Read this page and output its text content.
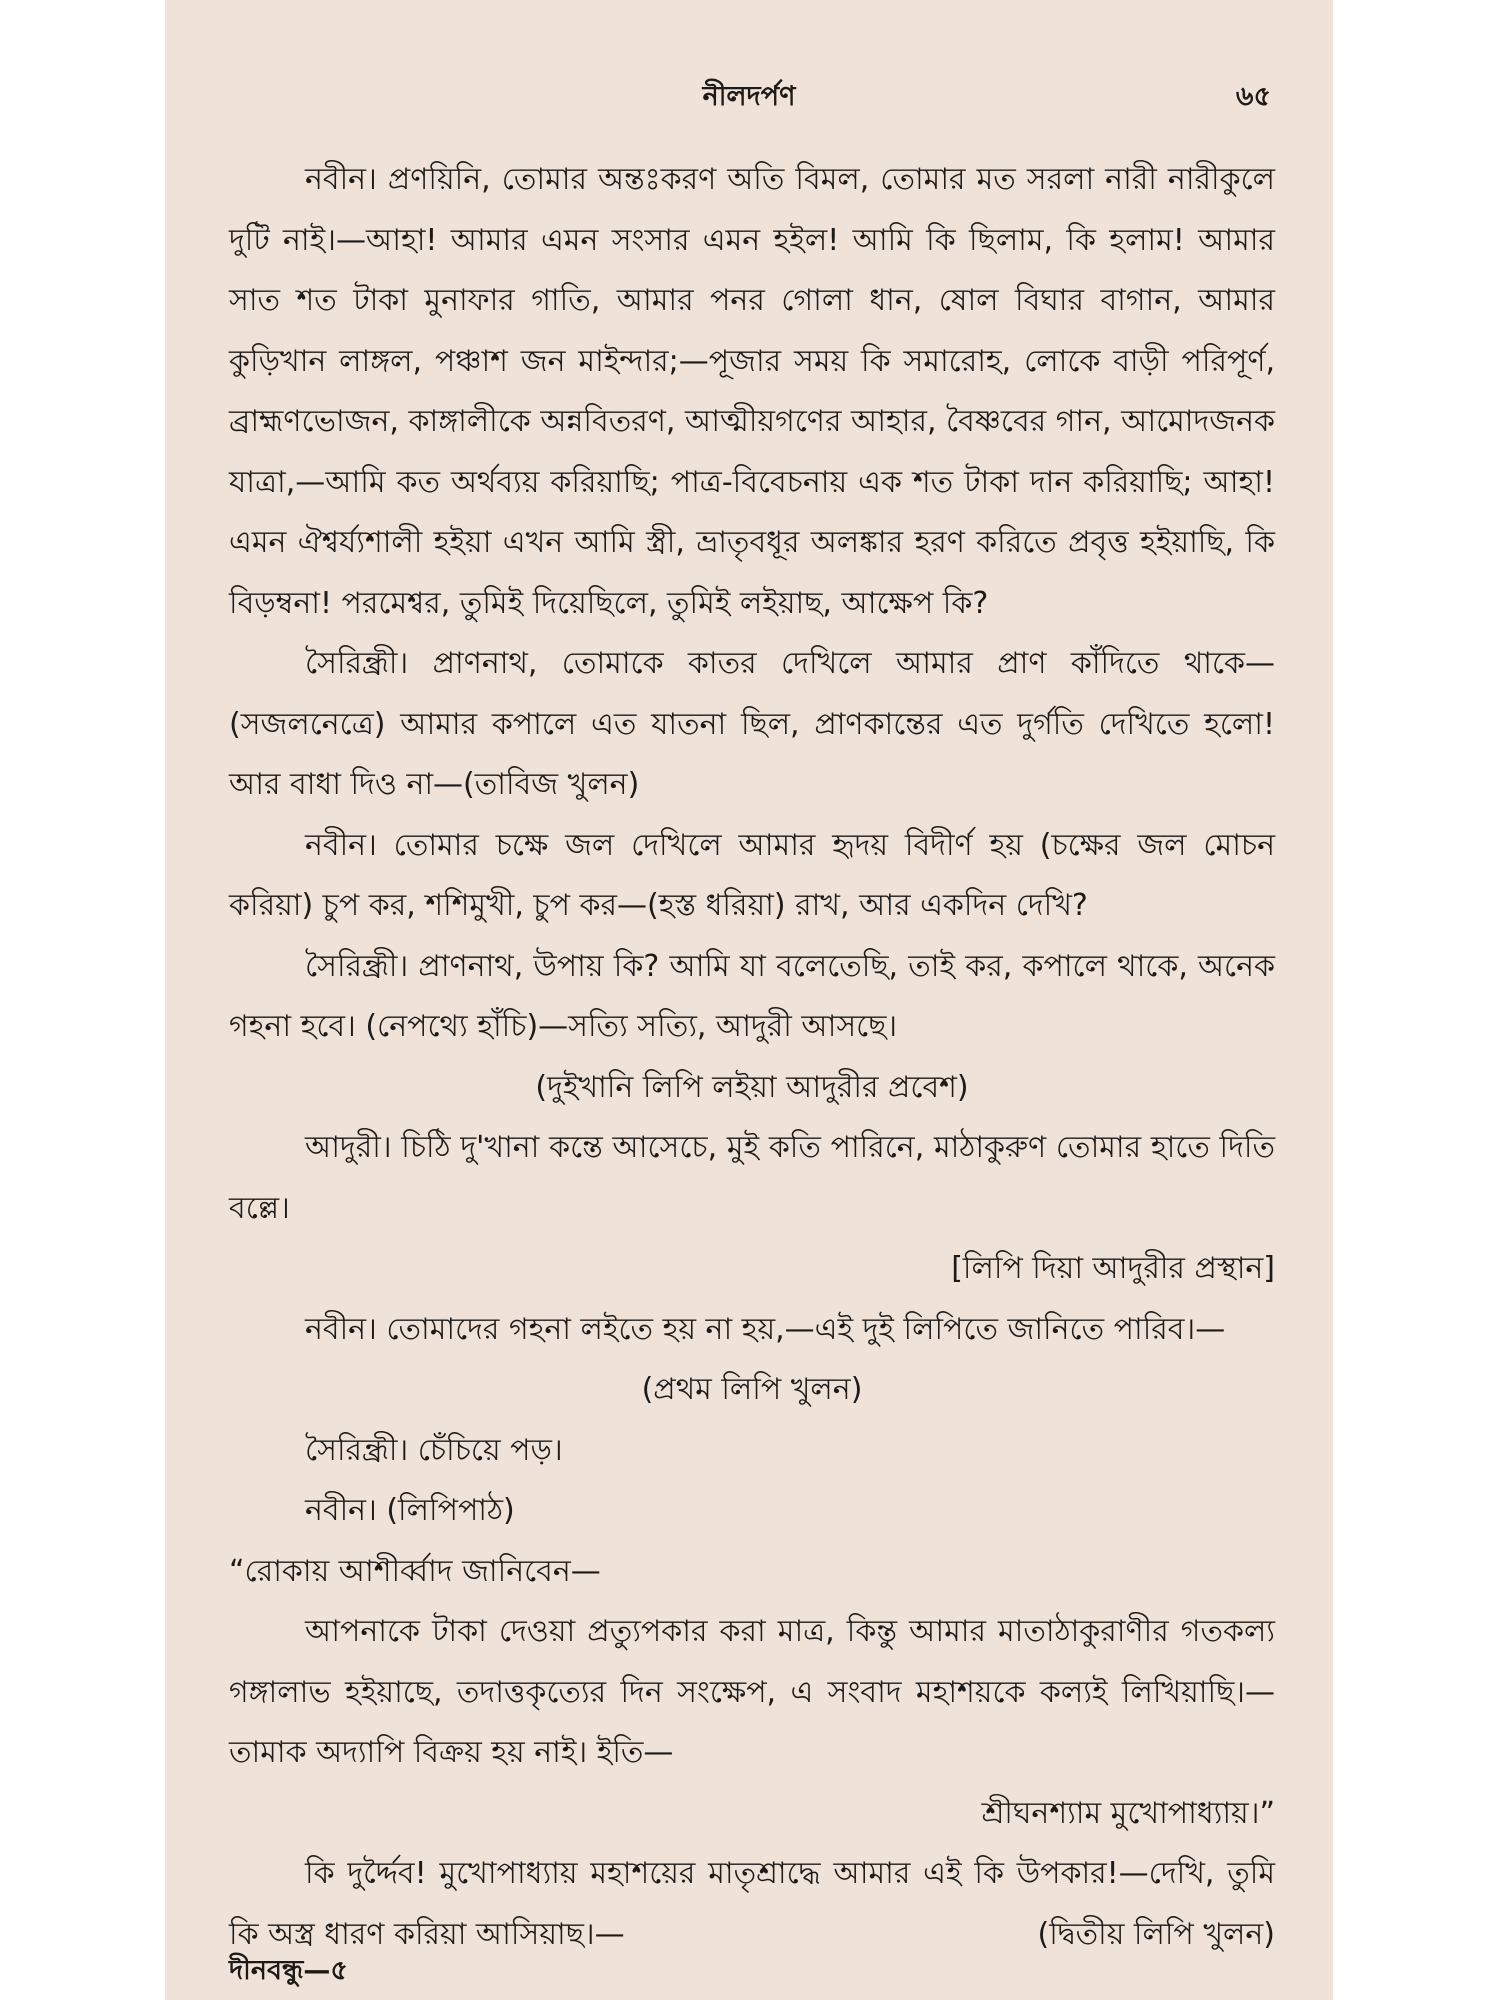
নীলদর্পণ	৬৫

নবীন। প্রণয়িনি, তোমার অন্তঃকরণ অতি বিমল, তোমার মত সরলা নারী নারীকুলে দুটি নাই।—আহা! আমার এমন সংসার এমন হইল! আমি কি ছিলাম, কি হলাম! আমার সাত শত টাকা মুনাফার গাতি, আমার পনর গোলা ধান, ষোল বিঘার বাগান, আমার কুড়িখান লাঙ্গল, পঞ্চাশ জন মাইন্দার;—পূজার সময় কি সমারোহ, লোকে বাড়ী পরিপূর্ণ, ব্রাহ্মণভোজন, কাঙ্গালীকে অন্নবিতরণ, আত্মীয়গণের আহার, বৈষ্ণবের গান, আমোদজনক যাত্রা,—আমি কত অর্থব্যয় করিয়াছি; পাত্র-বিবেচনায় এক শত টাকা দান করিয়াছি; আহা! এমন ঐশ্বর্য্যশালী হইয়া এখন আমি স্ত্রী, ভ্রাতৃবধূর অলঙ্কার হরণ করিতে প্রবৃত্ত হইয়াছি, কি বিড়ম্বনা! পরমেশ্বর, তুমিই দিয়েছিলে, তুমিই লইয়াছ, আক্ষেপ কি?

সৈরিন্ধ্রী। প্রাণনাথ, তোমাকে কাতর দেখিলে আমার প্রাণ কাঁদিতে থাকে—(সজলনেত্রে) আমার কপালে এত যাতনা ছিল, প্রাণকান্তের এত দুর্গতি দেখিতে হলো! আর বাধা দিও না—(তাবিজ খুলন)

নবীন। তোমার চক্ষে জল দেখিলে আমার হৃদয় বিদীর্ণ হয় (চক্ষের জল মোচন করিয়া) চুপ কর, শশিমুখী, চুপ কর—(হস্ত ধরিয়া) রাখ, আর একদিন দেখি?

সৈরিন্ধ্রী। প্রাণনাথ, উপায় কি? আমি যা বলেতেছি, তাই কর, কপালে থাকে, অনেক গহনা হবে। (নেপথ্যে হাঁচি)—সত্যি সত্যি, আদুরী আসছে।

(দুইখানি লিপি লইয়া আদুরীর প্রবেশ)

আদুরী। চিঠি দু'খানা কন্তে আসেচে, মুই কতি পারিনে, মাঠাকুরুণ তোমার হাতে দিতি বল্লে।

[লিপি দিয়া আদুরীর প্রস্থান]

নবীন। তোমাদের গহনা লইতে হয় না হয়,—এই দুই লিপিতে জানিতে পারিব।—

(প্রথম লিপি খুলন)

সৈরিন্ধ্রী। চেঁচিয়ে পড়।

নবীন। (লিপিপাঠ)

“রোকায় আশীর্ব্বাদ জানিবেন—

আপনাকে টাকা দেওয়া প্রত্যুপকার করা মাত্র, কিন্তু আমার মাতাঠাকুরাণীর গতকল্য গঙ্গালাভ হইয়াছে, তদাত্তকৃত্যের দিন সংক্ষেপ, এ সংবাদ মহাশয়কে কল্যই লিখিয়াছি।—তামাক অদ্যাপি বিক্রয় হয় নাই। ইতি—

শ্রীঘনশ্যাম মুখোপাধ্যায়।”

কি দুর্দ্দৈব! মুখোপাধ্যায় মহাশয়ের মাতৃশ্রাদ্ধে আমার এই কি উপকার!—দেখি, তুমি কি অস্ত্র ধারণ করিয়া আসিয়াছ।—	(দ্বিতীয় লিপি খুলন)

দীনবন্ধু—৫
